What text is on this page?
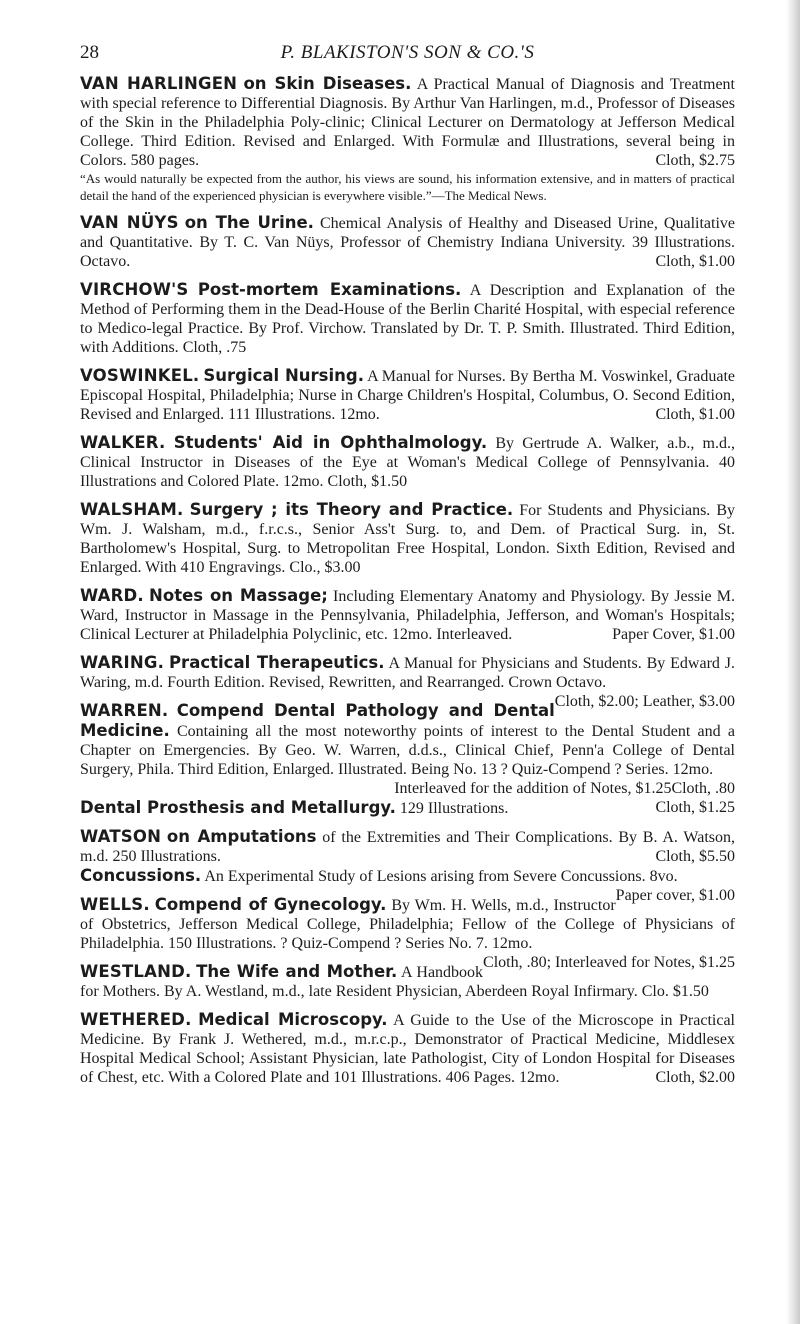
28	P. BLAKISTON'S SON & CO.'S

VAN HARLINGEN on Skin Diseases. A Practical Manual of Diagnosis and Treatment with special reference to Differential Diagnosis. By Arthur Van Harlingen, m.d., Professor of Diseases of the Skin in the Philadelphia Poly-clinic; Clinical Lecturer on Dermatology at Jefferson Medical College. Third Edition. Revised and Enlarged. With Formulæ and Illustrations, several being in Colors. 580 pages.	Cloth, $2.75

“As would naturally be expected from the author, his views are sound, his information extensive, and in matters of practical detail the hand of the experienced physician is everywhere visible.”—The Medical News.

VAN NÜYS on The Urine. Chemical Analysis of Healthy and Diseased Urine, Qualitative and Quantitative. By T. C. Van Nüys, Professor of Chemistry Indiana University. 39 Illustrations. Octavo.	Cloth, $1.00

VIRCHOW'S Post-mortem Examinations. A Description and Explanation of the Method of Performing them in the Dead-House of the Berlin Charité Hospital, with especial reference to Medico-legal Practice. By Prof. Virchow. Translated by Dr. T. P. Smith. Illustrated. Third Edition, with Additions. Cloth, .75

VOSWINKEL. Surgical Nursing. A Manual for Nurses. By Bertha M. Voswinkel, Graduate Episcopal Hospital, Philadelphia; Nurse in Charge Children's Hospital, Columbus, O. Second Edition, Revised and Enlarged. 111 Illustrations. 12mo.	Cloth, $1.00

WALKER. Students' Aid in Ophthalmology. By Gertrude A. Walker, a.b., m.d., Clinical Instructor in Diseases of the Eye at Woman's Medical College of Pennsylvania. 40 Illustrations and Colored Plate. 12mo. Cloth, $1.50

WALSHAM. Surgery ; its Theory and Practice. For Students and Physicians. By Wm. J. Walsham, m.d., f.r.c.s., Senior Ass't Surg. to, and Dem. of Practical Surg. in, St. Bartholomew's Hospital, Surg. to Metropolitan Free Hospital, London. Sixth Edition, Revised and Enlarged. With 410 Engravings. Clo., $3.00

WARD. Notes on Massage; Including Elementary Anatomy and Physiology. By Jessie M. Ward, Instructor in Massage in the Pennsylvania, Philadelphia, Jefferson, and Woman's Hospitals; Clinical Lecturer at Philadelphia Polyclinic, etc. 12mo. Interleaved.	Paper Cover, $1.00

WARING. Practical Therapeutics. A Manual for Physicians and Students. By Edward J. Waring, m.d. Fourth Edition. Revised, Rewritten, and Rearranged. Crown Octavo.
Cloth, $2.00; Leather, $3.00

WARREN. Compend Dental Pathology and Dental Medicine. Containing all the most noteworthy points of interest to the Dental Student and a Chapter on Emergencies. By Geo. W. Warren, d.d.s., Clinical Chief, Penn'a College of Dental Surgery, Phila. Third Edition, Enlarged. Illustrated. Being No. 13 ? Quiz-Compend ? Series. 12mo.
Cloth, .80

Interleaved for the addition of Notes, $1.25

Dental Prosthesis and Metallurgy. 129 Illustrations.	Cloth, $1.25

WATSON on Amputations of the Extremities and Their Complications. By B. A. Watson, m.d. 250 Illustrations.	Cloth, $5.50

Concussions. An Experimental Study of Lesions arising from Severe Concussions. 8vo.
Paper cover, $1.00

WELLS. Compend of Gynecology. By Wm. H. Wells, m.d., Instructor of Obstetrics, Jefferson Medical College, Philadelphia; Fellow of the College of Physicians of Philadelphia. 150 Illustrations. ? Quiz-Compend ? Series No. 7. 12mo.
Cloth, .80; Interleaved for Notes, $1.25

WESTLAND. The Wife and Mother. A Handbook for Mothers. By A. Westland, m.d., late Resident Physician, Aberdeen Royal Infirmary. Clo. $1.50

WETHERED. Medical Microscopy. A Guide to the Use of the Microscope in Practical Medicine. By Frank J. Wethered, m.d., m.r.c.p., Demonstrator of Practical Medicine, Middlesex Hospital Medical School; Assistant Physician, late Pathologist, City of London Hospital for Diseases of Chest, etc. With a Colored Plate and 101 Illustrations. 406 Pages. 12mo.	Cloth, $2.00
